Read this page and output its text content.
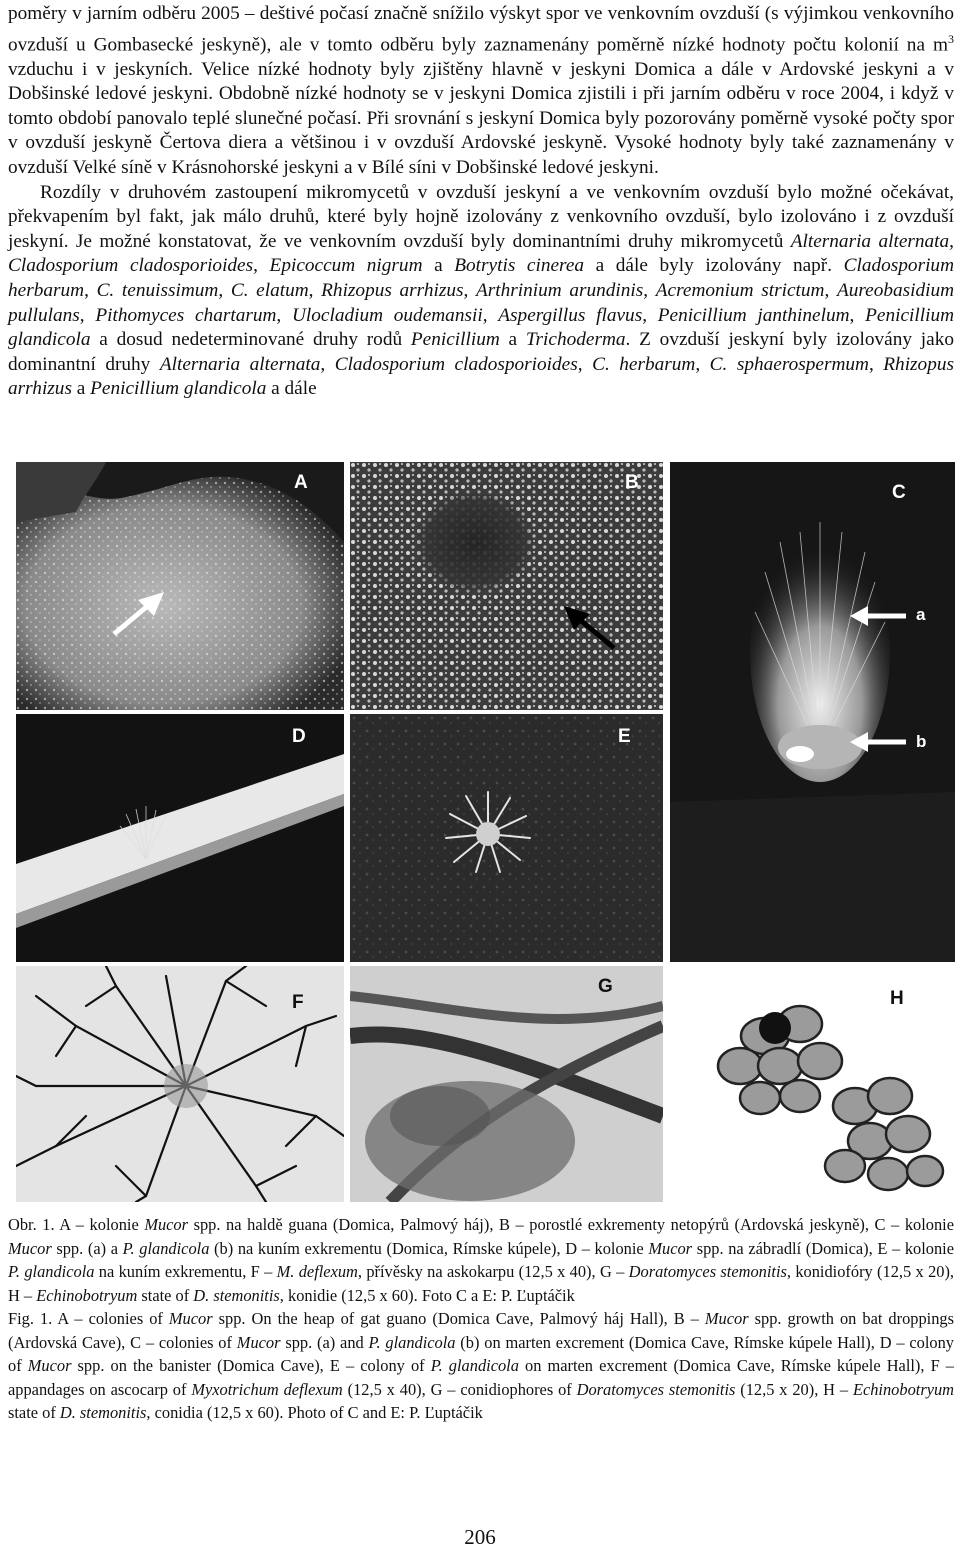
poměry v jarním odběru 2005 – deštivé počasí značně snížilo výskyt spor ve venkovním ovzduší (s výjimkou venkovního ovzduší u Gombasecké jeskyně), ale v tomto odběru byly zaznamenány poměrně nízké hodnoty počtu kolonií na $m^3$ vzduchu i v jeskyních. Velice nízké hodnoty byly zjištěny hlavně v jeskyni Domica a dále v Ardovské jeskyni a v Dobšinské ledové jeskyni. Obdobně nízké hodnoty se v jeskyni Domica zjistili i při jarním odběru v roce 2004, i když v tomto období panovalo teplé slunečné počasí. Při srovnání s jeskyní Domica byly pozorovány poměrně vysoké počty spor v ovzduší jeskyně Čertova diera a většinou i v ovzduší Ardovské jeskyně. Vysoké hodnoty byly také zaznamenány v ovzduší Velké síně v Krásnohorské jeskyni a v Bílé síni v Dobšinské ledové jeskyni.

Rozdíly v druhovém zastoupení mikromycetů v ovzduší jeskyní a ve venkovním ovzduší bylo možné očekávat, překvapením byl fakt, jak málo druhů, které byly hojně izolovány z venkovního ovzduší, bylo izolováno i z ovzduší jeskyní. Je možné konstatovat, že ve venkovním ovzduší byly dominantními druhy mikromycetů Alternaria alternata, Cladosporium cladosporioides, Epicoccum nigrum a Botrytis cinerea a dále byly izolovány např. Cladosporium herbarum, C. tenuissimum, C. elatum, Rhizopus arrhizus, Arthrinium arundinis, Acremonium strictum, Aureobasidium pullulans, Pithomyces chartarum, Ulocladium oudemansii, Aspergillus flavus, Penicillium janthinelum, Penicillium glandicola a dosud nedeterminované druhy rodů Penicillium a Trichoderma. Z ovzduší jeskyní byly izolovány jako dominantní druhy Alternaria alternata, Cladosporium cladosporioides, C. herbarum, C. sphaerospermum, Rhizopus arrhizus a Penicillium glandicola a dále

A	B	C
a
b
D	E
F
G
H

Obr. 1. A – kolonie Mucor spp. na haldě guana (Domica, Palmový háj), B – porostlé exkrementy netopýrů (Ardovská jeskyně), C – kolonie Mucor spp. (a) a P. glandicola (b) na kuním exkrementu (Domica, Rímske kúpele), D – kolonie Mucor spp. na zábradlí (Domica), E – kolonie P. glandicola na kuním exkrementu, F – M. deflexum, přívěsky na askokarpu (12,5 x 40), G – Doratomyces stemonitis, konidiofóry (12,5 x 20), H – Echinobotryum state of D. stemonitis, konidie (12,5 x 60). Foto C a E: P. Ľuptáčik

Fig. 1. A – colonies of Mucor spp. On the heap of gat guano (Domica Cave, Palmový háj Hall), B – Mucor spp. growth on bat droppings (Ardovská Cave), C – colonies of Mucor spp. (a) and P. glandicola (b) on marten excrement (Domica Cave, Rímske kúpele Hall), D – colony of Mucor spp. on the banister (Domica Cave), E – colony of P. glandicola on marten excrement (Domica Cave, Rímske kúpele Hall), F – appandages on ascocarp of Myxotrichum deflexum (12,5 x 40), G – conidiophores of Doratomyces stemonitis (12,5 x 20), H – Echinobotryum state of D. stemonitis, conidia (12,5 x 60). Photo of C and E: P. Ľuptáčik

206
